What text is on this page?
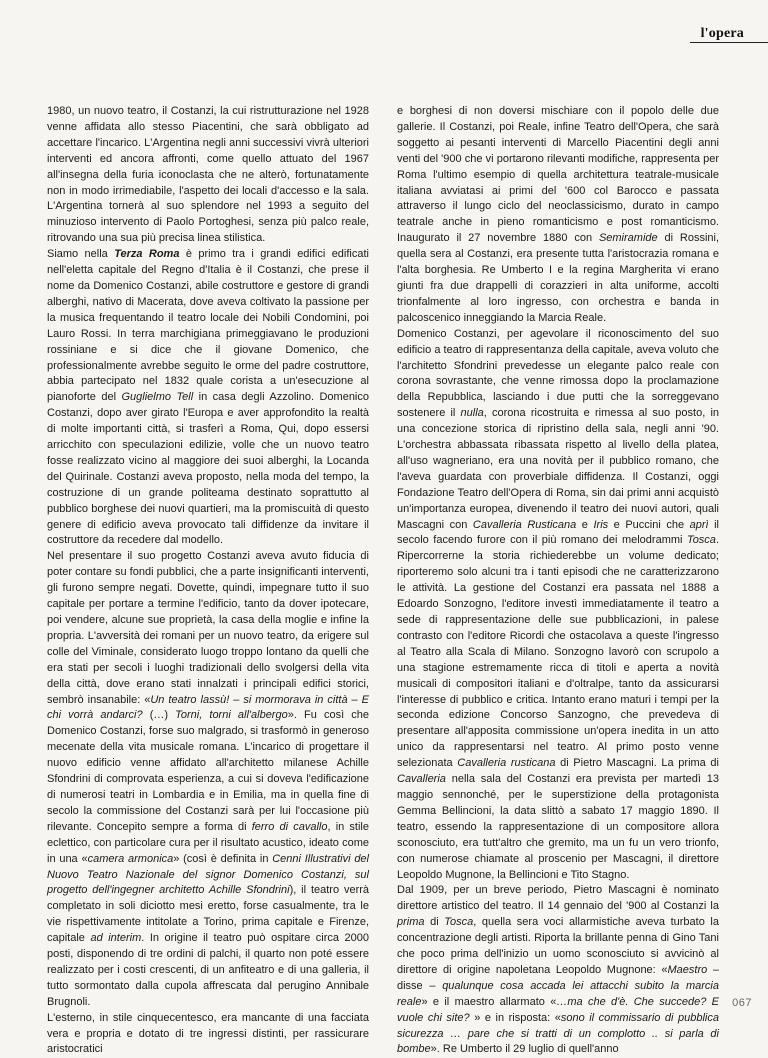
l'opera

1980, un nuovo teatro, il Costanzi, la cui ristrutturazione nel 1928 venne affidata allo stesso Piacentini, che sarà obbligato ad accettare l'incarico. L'Argentina negli anni successivi vivrà ulteriori interventi ed ancora affronti, come quello attuato del 1967 all'insegna della furia iconoclasta che ne alterò, fortunatamente non in modo irrimediabile, l'aspetto dei locali d'accesso e la sala. L'Argentina tornerà al suo splendore nel 1993 a seguito del minuzioso intervento di Paolo Portoghesi, senza più palco reale, ritrovando una sua più precisa linea stilistica.

Siamo nella Terza Roma è primo tra i grandi edifici edificati nell'eletta capitale del Regno d'Italia è il Costanzi, che prese il nome da Domenico Costanzi, abile costruttore e gestore di grandi alberghi, nativo di Macerata, dove aveva coltivato la passione per la musica frequentando il teatro locale dei Nobili Condomini, poi Lauro Rossi. In terra marchigiana primeggiavano le produzioni rossiniane e si dice che il giovane Domenico, che professionalmente avrebbe seguito le orme del padre costruttore, abbia partecipato nel 1832 quale corista a un'esecuzione al pianoforte del Guglielmo Tell in casa degli Azzolino. Domenico Costanzi, dopo aver girato l'Europa e aver approfondito la realtà di molte importanti città, si trasferì a Roma, Qui, dopo essersi arricchito con speculazioni edilizie, volle che un nuovo teatro fosse realizzato vicino al maggiore dei suoi alberghi, la Locanda del Quirinale. Costanzi aveva proposto, nella moda del tempo, la costruzione di un grande politeama destinato soprattutto al pubblico borghese dei nuovi quartieri, ma la promiscuità di questo genere di edificio aveva provocato tali diffidenze da invitare il costruttore da recedere dal modello.

Nel presentare il suo progetto Costanzi aveva avuto fiducia di poter contare su fondi pubblici, che a parte insignificanti interventi, gli furono sempre negati. Dovette, quindi, impegnare tutto il suo capitale per portare a termine l'edificio, tanto da dover ipotecare, poi vendere, alcune sue proprietà, la casa della moglie e infine la propria. L'avversità dei romani per un nuovo teatro, da erigere sul colle del Viminale, considerato luogo troppo lontano da quelli che era stati per secoli i luoghi tradizionali dello svolgersi della vita della città, dove erano stati innalzati i principali edifici storici, sembrò insanabile: «Un teatro lassù! – si mormorava in città – E chi vorrà andarci? (…) Torni, torni all'albergo». Fu così che Domenico Costanzi, forse suo malgrado, si trasformò in generoso mecenate della vita musicale romana. L'incarico di progettare il nuovo edificio venne affidato all'architetto milanese Achille Sfondrini di comprovata esperienza, a cui si doveva l'edificazione di numerosi teatri in Lombardia e in Emilia, ma in quella fine di secolo la commissione del Costanzi sarà per lui l'occasione più rilevante. Concepito sempre a forma di ferro di cavallo, in stile eclettico, con particolare cura per il risultato acustico, ideato come in una «camera armonica» (così è definita in Cenni Illustrativi del Nuovo Teatro Nazionale del signor Domenico Costanzi, sul progetto dell'ingegner architetto Achille Sfondrini), il teatro verrà completato in soli diciotto mesi eretto, forse casualmente, tra le vie rispettivamente intitolate a Torino, prima capitale e Firenze, capitale ad interim. In origine il teatro può ospitare circa 2000 posti, disponendo di tre ordini di palchi, il quarto non poté essere realizzato per i costi crescenti, di un anfiteatro e di una galleria, il tutto sormontato dalla cupola affrescata dal perugino Annibale Brugnoli.

L'esterno, in stile cinquecentesco, era mancante di una facciata vera e propria e dotato di tre ingressi distinti, per rassicurare aristocratici

e borghesi di non doversi mischiare con il popolo delle due gallerie. Il Costanzi, poi Reale, infine Teatro dell'Opera, che sarà soggetto ai pesanti interventi di Marcello Piacentini degli anni venti del '900 che vi portarono rilevanti modifiche, rappresenta per Roma l'ultimo esempio di quella architettura teatrale-musicale italiana avviatasi ai primi del '600 col Barocco e passata attraverso il lungo ciclo del neoclassicismo, durato in campo teatrale anche in pieno romanticismo e post romanticismo. Inaugurato il 27 novembre 1880 con Semiramide di Rossini, quella sera al Costanzi, era presente tutta l'aristocrazia romana e l'alta borghesia. Re Umberto I e la regina Margherita vi erano giunti fra due drappelli di corazzieri in alta uniforme, accolti trionfalmente al loro ingresso, con orchestra e banda in palcoscenico inneggiando la Marcia Reale.

Domenico Costanzi, per agevolare il riconoscimento del suo edificio a teatro di rappresentanza della capitale, aveva voluto che l'architetto Sfondrini prevedesse un elegante palco reale con corona sovrastante, che venne rimossa dopo la proclamazione della Repubblica, lasciando i due putti che la sorreggevano sostenere il nulla, corona ricostruita e rimessa al suo posto, in una concezione storica di ripristino della sala, negli anni '90. L'orchestra abbassata ribassata rispetto al livello della platea, all'uso wagneriano, era una novità per il pubblico romano, che l'aveva guardata con proverbiale diffidenza. Il Costanzi, oggi Fondazione Teatro dell'Opera di Roma, sin dai primi anni acquistò un'importanza europea, divenendo il teatro dei nuovi autori, quali Mascagni con Cavalleria Rusticana e Iris e Puccini che aprì il secolo facendo furore con il più romano dei melodrammi Tosca. Ripercorrerne la storia richiederebbe un volume dedicato; riporteremo solo alcuni tra i tanti episodi che ne caratterizzarono le attività. La gestione del Costanzi era passata nel 1888 a Edoardo Sonzogno, l'editore investì immediatamente il teatro a sede di rappresentazione delle sue pubblicazioni, in palese contrasto con l'editore Ricordi che ostacolava a queste l'ingresso al Teatro alla Scala di Milano. Sonzogno lavorò con scrupolo a una stagione estremamente ricca di titoli e aperta a novità musicali di compositori italiani e d'oltralpe, tanto da assicurarsi l'interesse di pubblico e critica. Intanto erano maturi i tempi per la seconda edizione Concorso Sanzogno, che prevedeva di presentare all'apposita commissione un'opera inedita in un atto unico da rappresentarsi nel teatro. Al primo posto venne selezionata Cavalleria rusticana di Pietro Mascagni. La prima di Cavalleria nella sala del Costanzi era prevista per martedì 13 maggio sennonché, per le superstizione della protagonista Gemma Bellincioni, la data slittò a sabato 17 maggio 1890. Il teatro, essendo la rappresentazione di un compositore allora sconosciuto, era tutt'altro che gremito, ma un fu un vero trionfo, con numerose chiamate al proscenio per Mascagni, il direttore Leopoldo Mugnone, la Bellincioni e Tito Stagno.

Dal 1909, per un breve periodo, Pietro Mascagni è nominato direttore artistico del teatro. Il 14 gennaio del '900 al Costanzi la prima di Tosca, quella sera voci allarmistiche aveva turbato la concentrazione degli artisti. Riporta la brillante penna di Gino Tani che poco prima dell'inizio un uomo sconosciuto si avvicinò al direttore di origine napoletana Leopoldo Mugnone: «Maestro – disse – qualunque cosa accada lei attacchi subito la marcia reale» e il maestro allarmato «…ma che d'è. Che succede? E vuole chi site? » e in risposta: «sono il commissario di pubblica sicurezza … pare che si tratti di un complotto .. si parla di bombe». Re Umberto il 29 luglio di quell'anno

067
